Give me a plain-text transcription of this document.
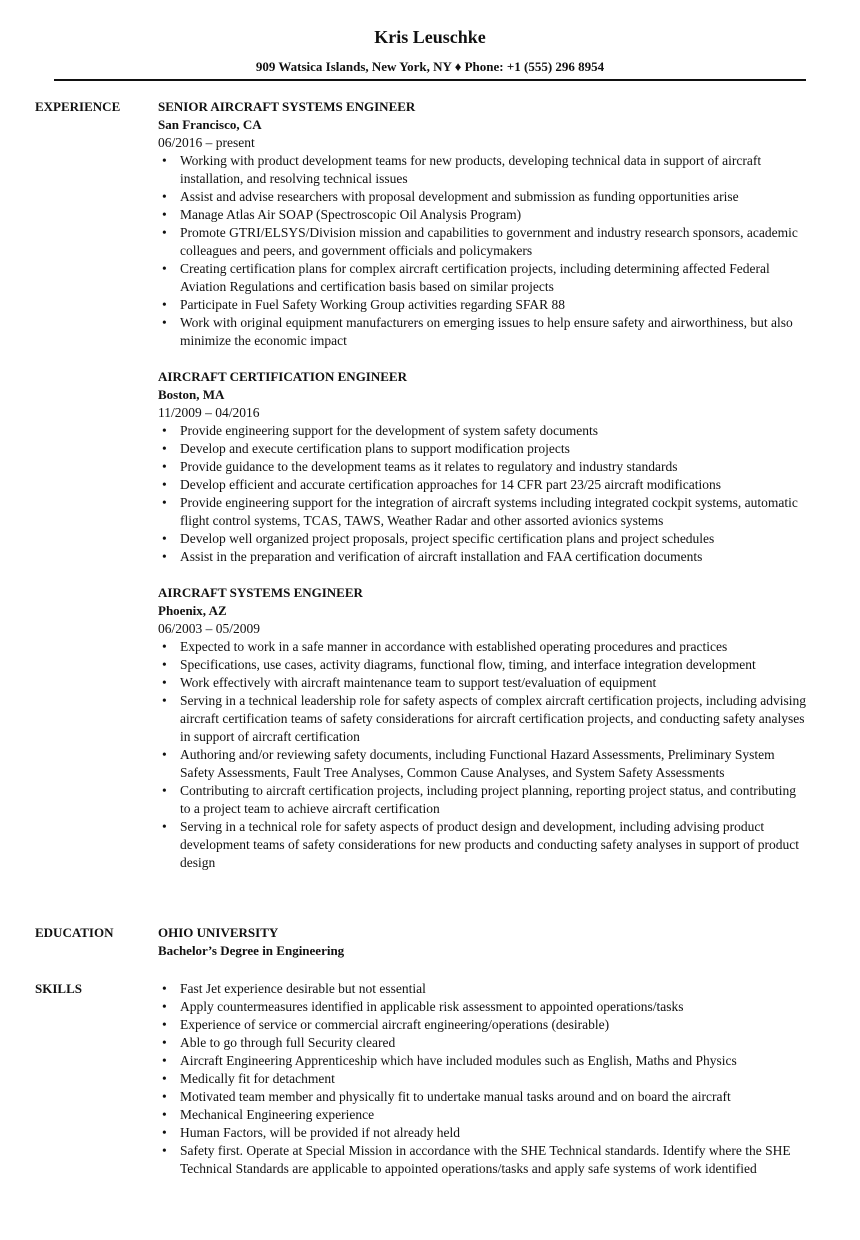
Kris Leuschke
909 Watsica Islands, New York, NY ♦ Phone: +1 (555) 296 8954
EXPERIENCE	SENIOR AIRCRAFT SYSTEMS ENGINEER
San Francisco, CA
06/2016 – present
• Working with product development teams for new products, developing technical data in support of aircraft installation, and resolving technical issues
• Assist and advise researchers with proposal development and submission as funding opportunities arise
• Manage Atlas Air SOAP (Spectroscopic Oil Analysis Program)
• Promote GTRI/ELSYS/Division mission and capabilities to government and industry research sponsors, academic colleagues and peers, and government officials and policymakers
• Creating certification plans for complex aircraft certification projects, including determining affected Federal Aviation Regulations and certification basis based on similar projects
• Participate in Fuel Safety Working Group activities regarding SFAR 88
• Work with original equipment manufacturers on emerging issues to help ensure safety and airworthiness, but also minimize the economic impact
AIRCRAFT CERTIFICATION ENGINEER
Boston, MA
11/2009 – 04/2016
• Provide engineering support for the development of system safety documents
• Develop and execute certification plans to support modification projects
• Provide guidance to the development teams as it relates to regulatory and industry standards
• Develop efficient and accurate certification approaches for 14 CFR part 23/25 aircraft modifications
• Provide engineering support for the integration of aircraft systems including integrated cockpit systems, automatic flight control systems, TCAS, TAWS, Weather Radar and other assorted avionics systems
• Develop well organized project proposals, project specific certification plans and project schedules
• Assist in the preparation and verification of aircraft installation and FAA certification documents
AIRCRAFT SYSTEMS ENGINEER
Phoenix, AZ
06/2003 – 05/2009
• Expected to work in a safe manner in accordance with established operating procedures and practices
• Specifications, use cases, activity diagrams, functional flow, timing, and interface integration development
• Work effectively with aircraft maintenance team to support test/evaluation of equipment
• Serving in a technical leadership role for safety aspects of complex aircraft certification projects, including advising aircraft certification teams of safety considerations for aircraft certification projects, and conducting safety analyses in support of aircraft certification
• Authoring and/or reviewing safety documents, including Functional Hazard Assessments, Preliminary System Safety Assessments, Fault Tree Analyses, Common Cause Analyses, and System Safety Assessments
• Contributing to aircraft certification projects, including project planning, reporting project status, and contributing to a project team to achieve aircraft certification
• Serving in a technical role for safety aspects of product design and development, including advising product development teams of safety considerations for new products and conducting safety analyses in support of product design
EDUCATION	OHIO UNIVERSITY
Bachelor’s Degree in Engineering
SKILLS
•	Fast Jet experience desirable but not essential
• Apply countermeasures identified in applicable risk assessment to appointed operations/tasks
• Experience of service or commercial aircraft engineering/operations (desirable)
• Able to go through full Security cleared
• Aircraft Engineering Apprenticeship which have included modules such as English, Maths and Physics
• Medically fit for detachment
• Motivated team member and physically fit to undertake manual tasks around and on board the aircraft
• Mechanical Engineering experience
• Human Factors, will be provided if not already held
• Safety first. Operate at Special Mission in accordance with the SHE Technical standards. Identify where the SHE Technical Standards are applicable to appointed operations/tasks and apply safe systems of work identified
